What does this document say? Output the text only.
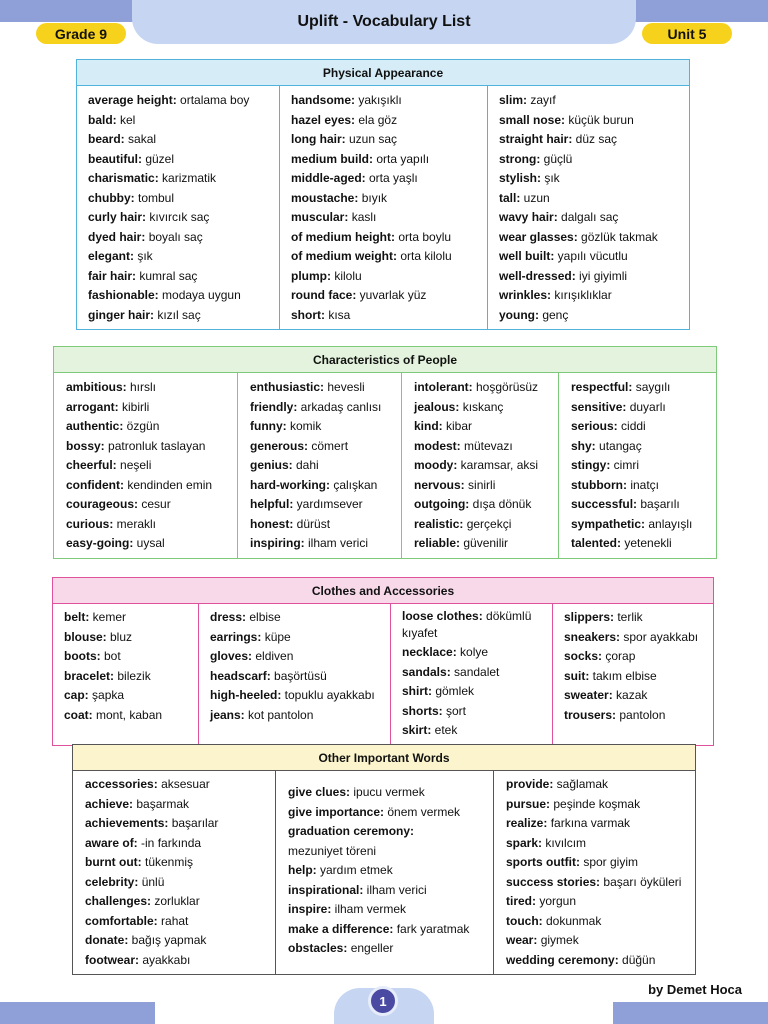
Uplift - Vocabulary List
Grade 9	Unit 5
Physical Appearance
average height: ortalama boy
bald: kel
beard: sakal
beautiful: güzel
charismatic: karizmatik
chubby: tombul
curly hair: kıvırcık saç
dyed hair: boyalı saç
elegant: şık
fair hair: kumral saç
fashionable: modaya uygun
ginger hair: kızıl saç
handsome: yakışıklı
hazel eyes: ela göz
long hair: uzun saç
medium build: orta yapılı
middle-aged: orta yaşlı
moustache: bıyık
muscular: kaslı
of medium height: orta boylu
of medium weight: orta kilolu
plump: kilolu
round face: yuvarlak yüz
short: kısa
slim: zayıf
small nose: küçük burun
straight hair: düz saç
strong: güçlü
stylish: şık
tall: uzun
wavy hair: dalgalı saç
wear glasses: gözlük takmak
well built: yapılı vücutlu
well-dressed: iyi giyimli
wrinkles: kırışıklıklar
young: genç
Characteristics of People
ambitious: hırslı
arrogant: kibirli
authentic: özgün
bossy: patronluk taslayan
cheerful: neşeli
confident: kendinden emin
courageous: cesur
curious: meraklı
easy-going: uysal
enthusiastic: hevesli
friendly: arkadaş canlısı
funny: komik
generous: cömert
genius: dahi
hard-working: çalışkan
helpful: yardımsever
honest: dürüst
inspiring: ilham verici
intolerant: hoşgörüsüz
jealous: kıskanç
kind: kibar
modest: mütevazı
moody: karamsar, aksi
nervous: sinirli
outgoing: dışa dönük
realistic: gerçekçi
reliable: güvenilir
respectful: saygılı
sensitive: duyarlı
serious: ciddi
shy: utangaç
stingy: cimri
stubborn: inatçı
successful: başarılı
sympathetic: anlayışlı
talented: yetenekli
Clothes and Accessories
belt: kemer
blouse: bluz
boots: bot
bracelet: bilezik
cap: şapka
coat: mont, kaban
dress: elbise
earrings: küpe
gloves: eldiven
headscarf: başörtüsü
high-heeled: topuklu ayakkabı
jeans: kot pantolon
loose clothes: dökümlü kıyafet
necklace: kolye
sandals: sandalet
shirt: gömlek
shorts: şort
skirt: etek
slippers: terlik
sneakers: spor ayakkabı
socks: çorap
suit: takım elbise
sweater: kazak
trousers: pantolon
Other Important Words
accessories: aksesuar
achieve: başarmak
achievements: başarılar
aware of: -in farkında
burnt out: tükenmiş
celebrity: ünlü
challenges: zorluklar
comfortable: rahat
donate: bağış yapmak
footwear: ayakkabı
give clues: ipucu vermek
give importance: önem vermek
graduation ceremony:
mezuniyet töreni
help: yardım etmek
inspirational: ilham verici
inspire: ilham vermek
make a difference: fark yaratmak
obstacles: engeller
provide: sağlamak
pursue: peşinde koşmak
realize: farkına varmak
spark: kıvılcım
sports outfit: spor giyim
success stories: başarı öyküleri
tired: yorgun
touch: dokunmak
wear: giymek
wedding ceremony: düğün
1
by Demet Hoca
